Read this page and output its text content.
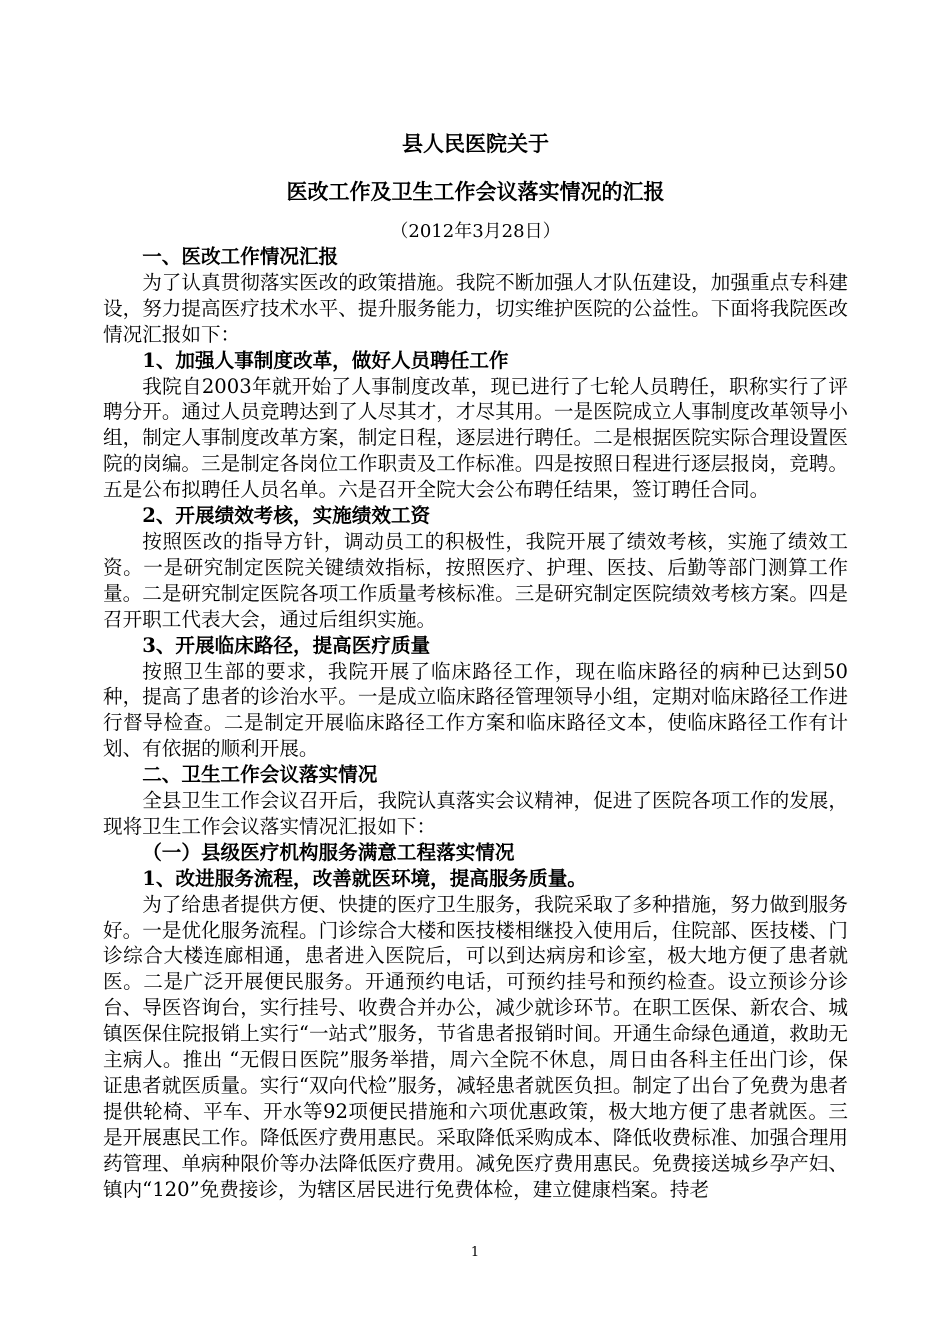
县人民医院关于

医改工作及卫生工作会议落实情况的汇报

（2012年3月28日）

一、医改工作情况汇报

为了认真贯彻落实医改的政策措施。我院不断加强人才队伍建设，加强重点专科建设，努力提高医疗技术水平、提升服务能力，切实维护医院的公益性。下面将我院医改情况汇报如下：

1、加强人事制度改革，做好人员聘任工作

我院自2003年就开始了人事制度改革，现已进行了七轮人员聘任，职称实行了评聘分开。通过人员竞聘达到了人尽其才，才尽其用。一是医院成立人事制度改革领导小组，制定人事制度改革方案，制定日程，逐层进行聘任。二是根据医院实际合理设置医院的岗编。三是制定各岗位工作职责及工作标准。四是按照日程进行逐层报岗，竞聘。五是公布拟聘任人员名单。六是召开全院大会公布聘任结果，签订聘任合同。

2、开展绩效考核，实施绩效工资

按照医改的指导方针，调动员工的积极性，我院开展了绩效考核，实施了绩效工资。一是研究制定医院关键绩效指标，按照医疗、护理、医技、后勤等部门测算工作量。二是研究制定医院各项工作质量考核标准。三是研究制定医院绩效考核方案。四是召开职工代表大会，通过后组织实施。

3、开展临床路径，提高医疗质量

按照卫生部的要求，我院开展了临床路径工作，现在临床路径的病种已达到50种，提高了患者的诊治水平。一是成立临床路径管理领导小组，定期对临床路径工作进行督导检查。二是制定开展临床路径工作方案和临床路径文本，使临床路径工作有计划、有依据的顺利开展。

二、卫生工作会议落实情况

全县卫生工作会议召开后，我院认真落实会议精神，促进了医院各项工作的发展，现将卫生工作会议落实情况汇报如下：

（一）县级医疗机构服务满意工程落实情况

1、改进服务流程，改善就医环境，提高服务质量。

为了给患者提供方便、快捷的医疗卫生服务，我院采取了多种措施，努力做到服务好。一是优化服务流程。门诊综合大楼和医技楼相继投入使用后，住院部、医技楼、门诊综合大楼连廊相通，患者进入医院后，可以到达病房和诊室，极大地方便了患者就医。二是广泛开展便民服务。开通预约电话，可预约挂号和预约检查。设立预诊分诊台、导医咨询台，实行挂号、收费合并办公，减少就诊环节。在职工医保、新农合、城镇医保住院报销上实行“一站式”服务，节省患者报销时间。开通生命绿色通道，救助无主病人。推出 “无假日医院”服务举措，周六全院不休息，周日由各科主任出门诊，保证患者就医质量。实行“双向代检”服务，减轻患者就医负担。制定了出台了免费为患者提供轮椅、平车、开水等92项便民措施和六项优惠政策，极大地方便了患者就医。三是开展惠民工作。降低医疗费用惠民。采取降低采购成本、降低收费标准、加强合理用药管理、单病种限价等办法降低医疗费用。减免医疗费用惠民。免费接送城乡孕产妇、镇内“120”免费接诊，为辖区居民进行免费体检，建立健康档案。持老

1
